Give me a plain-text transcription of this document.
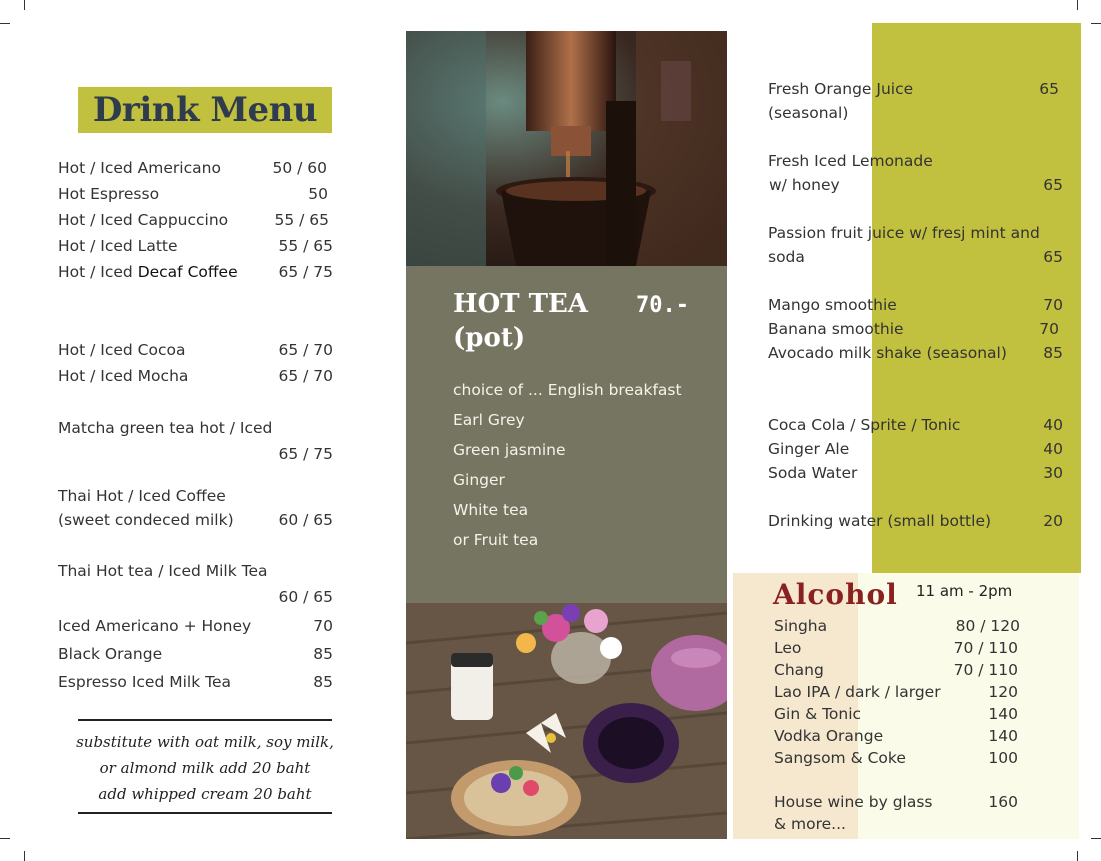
Drink Menu
Hot / Iced Americano	50 / 60
Hot Espresso	50
Hot / Iced Cappuccino	55 / 65
Hot / Iced Latte	55 / 65
Hot / Iced Decaf Coffee	65 / 75
Hot / Iced Cocoa	65 / 70
Hot / Iced Mocha	65 / 70
Matcha green tea hot / Iced
65 / 75
Thai Hot / Iced Coffee
(sweet condeced milk)	60 / 65
Thai Hot tea / Iced Milk Tea
60 / 65
Iced Americano + Honey	70
Black Orange	85
Espresso Iced Milk Tea	85
substitute with oat milk, soy milk,
or almond milk add 20 baht
add whipped cream 20 baht
HOT TEA
(pot)
70.-
choice of ... English breakfast
Earl Grey
Green jasmine
Ginger
White tea
or Fruit tea
Fresh Orange Juice
(seasonal)
65
Fresh Iced Lemonade
w/ honey	65
Passion fruit juice w/ fresj mint and
soda	65
Mango smoothie	70
Banana smoothie	70
Avocado milk shake (seasonal) 85
Coca Cola / Sprite / Tonic	40
Ginger Ale	40
Soda Water	30
Drinking water (small bottle)	20
Alcohol 11 am - 2pm
Singha	80 / 120
Leo	70 / 110
Chang	70 / 110
Lao IPA / dark / larger	120
Gin & Tonic	140
Vodka Orange	140
Sangsom & Coke	100
House wine by glass	160
& more...
